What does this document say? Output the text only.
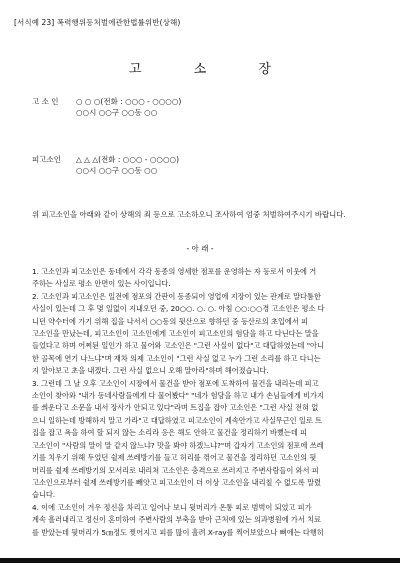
[서식예 23] 폭력행위등처벌에관한법률위반(상해)
고 소 장
고 소 인 ○ ○ ○(전화 : ○○○ - ○○○○)
○○시 ○○구 ○○동 ○○
피고소인 △ △ △(전화 : ○○○ - ○○○○)
○○시 ○○구 ○○동 ○○
위 피고소인을 아래와 같이 상해의 죄 등으로 고소하오니 조사하여 엄중 처벌하여주시기 바랍니다.
- 아 래 -
1. 고소인과 피고소인은 동네에서 각각 동종의 영세한 점포를 운영하는 자 등로서 이웃에 거
주하는 사실로 평소 안면이 있는 사이입니다.
2. 고소인과 피고소인은 일전에 점포의 간판이 동종되어 영업에 지장이 있는 관계로 말다툼한
사실이 있는데 그 후 몇 일없이 지내오던 중, 20○○. ○. ○. 아침 ○○:○○경 고소인은 평소 다
니던 약수터에 가기 위해 집을 나서서 ○○동의 뒷산으로 향하던 중 등산로의 초입에서 피
고소인을 만났는데, 피고소인이 고소인에게 고소인이 피고소인의 험담을 하고 다닌다는 말을
들었다고 하며 어쩌된 일인가 하고 물어와 고소인은 "그런 사실이 없다"고 대답하였는데 "아니
한 골목에 연기 나느냐"며 재차 의제 고소인이 "그런 사실 없고 누가 그런 소리를 하고 다니는
지 알아보고 초을 내겠다. 그런 사실 없으니 오해 말아라"하며 해어졌습니다.
3. 그런데 그 날 오후 고소인이 시장에서 물건을 받아 점포에 도착하여 물건을 내리는데 피고
소인이 찾아와 "내가 동네사람들에게 다 물어봤다" "네가 험담을 하고 내가 손님들에게 비가지
를 씌운다고 소문을 내서 장사가 안되고 있다"라며 트집을 잡아 고소인은 "그런 사실 전혀 없
으니 일하는데 방해하지 말고 가라"고 대답하였고 피고소인이 계속안가고 사실무근인 일로 트
집을 잡고 욕을 하여 할 되지 않는 소리라 응은 해도 안하고 물건을 정리하기 바뻤는데 피
고소인이 "사람의 말이 말 같지 않느냐? 맛을 봐야 하겠느냐?"며 갑자기 고소인의 점포에 쓰레
기를 치우기 위해 두었던 쉴제 쓰레방기를 들고 허리를 꺾어고 물건을 정리하던 고소인의 뒷
머리를 쉴제 쓰레방기의 모서리로 내리쳐 고소인은 충격으로 쓰러지고 주변사람들이 와서 피
고소인으로부터 쉴제 쓰레방기를 빼앗고 피고소인이 더 이상 고소인을 내리칠 수 없도록 말렸
습니다.
4. 이에 고소인이 겨우 정신을 차리고 일어나 보니 뒷머리가 온통 피로 범벅이 되었고 피가
계속 흘러내리고 정신이 혼미하여 주변사람의 부축을 받아 근처에 있는 의과병원에 가서 치료
를 받았는데 뒷머리가 5㎝정도 찢어지고 피를 많이 흘려 X-ray를 찍어보았으나 뼈에는 다행히
